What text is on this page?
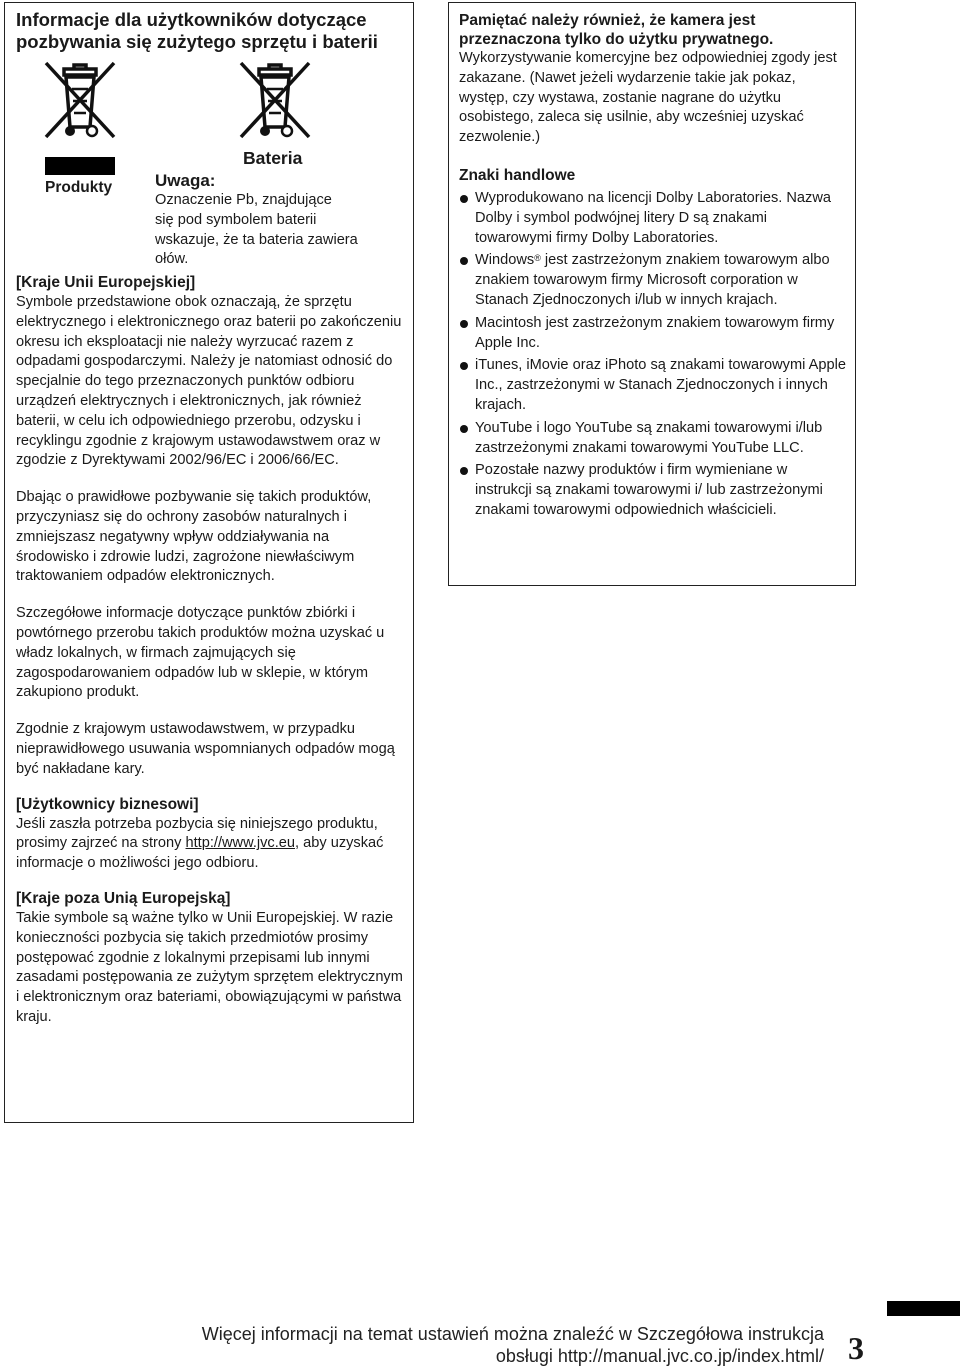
Informacje dla użytkowników dotyczące
pozbywania się zużytego sprzętu i baterii
Produkty
Bateria
Uwaga:
Oznaczenie Pb, znajdujące
się pod symbolem baterii
wskazuje, że ta bateria zawiera
ołów.
[Kraje Unii Europejskiej]

Symbole przedstawione obok oznaczają, że sprzętu elektrycznego i elektronicznego oraz baterii po zakończeniu okresu ich eksploatacji nie należy wyrzucać razem z odpadami gospodarczymi. Należy je natomiast odnosić do specjalnie do tego przeznaczonych punktów odbioru urządzeń elektrycznych i elektronicznych, jak również baterii, w celu ich odpowiedniego przerobu, odzysku i recyklingu zgodnie z krajowym ustawodawstwem oraz w zgodzie z Dyrektywami 2002/96/EC i 2006/66/EC.

Dbając o prawidłowe pozbywanie się takich produktów, przyczyniasz się do ochrony zasobów naturalnych i zmniejszasz negatywny wpływ oddziaływania na środowisko i zdrowie ludzi, zagrożone niewłaściwym traktowaniem odpadów elektronicznych.

Szczegółowe informacje dotyczące punktów zbiórki i powtórnego przerobu takich produktów można uzyskać u władz lokalnych, w firmach zajmujących się zagospodarowaniem odpadów lub w sklepie, w którym zakupiono produkt.

Zgodnie z krajowym ustawodawstwem, w przypadku nieprawidłowego usuwania wspomnianych odpadów mogą być nakładane kary.

[Użytkownicy biznesowi]

Jeśli zaszła potrzeba pozbycia się niniejszego produktu, prosimy zajrzeć na strony http://www.jvc.eu, aby uzyskać informacje o możliwości jego odbioru.

[Kraje poza Unią Europejską]

Takie symbole są ważne tylko w Unii Europejskiej. W razie konieczności pozbycia się takich przedmiotów prosimy postępować zgodnie z lokalnymi przepisami lub innymi zasadami postępowania ze zużytym sprzętem elektrycznym i elektronicznym oraz bateriami, obowiązującymi w państwa kraju.

Pamiętać należy również, że kamera jest przeznaczona tylko do użytku prywatnego.

Wykorzystywanie komercyjne bez odpowiedniej zgody jest zakazane. (Nawet jeżeli wydarzenie takie jak pokaz, występ, czy wystawa, zostanie nagrane do użytku osobistego, zaleca się usilnie, aby wcześniej uzyskać zezwolenie.)

Znaki handlowe
Wyprodukowano na licencji Dolby Laboratories. Nazwa Dolby i symbol podwójnej litery D są znakami towarowymi firmy Dolby Laboratories.
Windows® jest zastrzeżonym znakiem towarowym albo znakiem towarowym firmy Microsoft corporation w Stanach Zjednoczonych i/lub w innych krajach.
Macintosh jest zastrzeżonym znakiem towarowym firmy Apple Inc.
iTunes, iMovie oraz iPhoto są znakami towarowymi Apple Inc., zastrzeżonymi w Stanach Zjednoczonych i innych krajach.
YouTube i logo YouTube są znakami towarowymi i/lub zastrzeżonymi znakami towarowymi YouTube LLC.
Pozostałe nazwy produktów i firm wymieniane w instrukcji są znakami towarowymi i/ lub zastrzeżonymi znakami towarowymi odpowiednich właścicieli.
Więcej informacji na temat ustawień można znaleźć w Szczegółowa instrukcja
obsługi http://manual.jvc.co.jp/index.html/ 3
